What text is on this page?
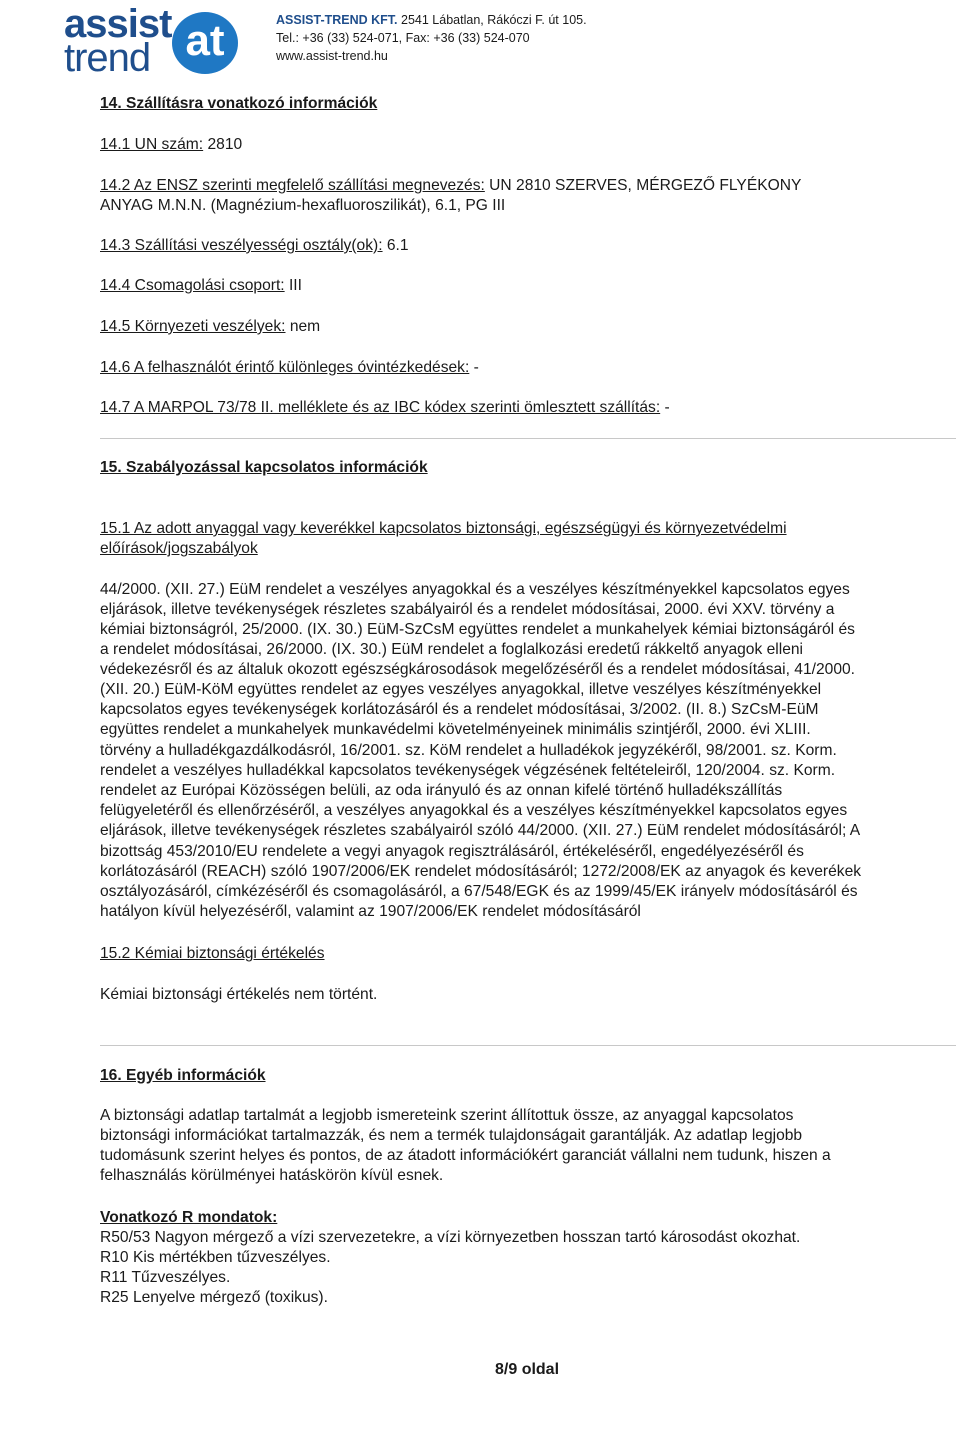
assist
trend at	ASSIST-TREND KFT. 2541 Lábatlan, Rákóczi F. út 105.
Tel.: +36 (33) 524-071, Fax: +36 (33) 524-070
www.assist-trend.hu
14. Szállításra vonatkozó információk
14.1 UN szám: 2810
14.2 Az ENSZ szerinti megfelelő szállítási megnevezés: UN 2810 SZERVES, MÉRGEZŐ FLYÉKONY
ANYAG M.N.N. (Magnézium-hexafluoroszilikát), 6.1, PG III
14.3 Szállítási veszélyességi osztály(ok): 6.1
14.4 Csomagolási csoport: III
14.5 Környezeti veszélyek: nem
14.6 A felhasználót érintő különleges óvintézkedések: -
14.7 A MARPOL 73/78 II. melléklete és az IBC kódex szerinti ömlesztett szállítás: -
15. Szabályozással kapcsolatos információk
15.1 Az adott anyaggal vagy keverékkel kapcsolatos biztonsági, egészségügyi és környezetvédelmi
előírások/jogszabályok
44/2000. (XII. 27.) EüM rendelet a veszélyes anyagokkal és a veszélyes készítményekkel kapcsolatos egyes
eljárások, illetve tevékenységek részletes szabályairól és a rendelet módosításai, 2000. évi XXV. törvény a
kémiai biztonságról, 25/2000. (IX. 30.) EüM-SzCsM együttes rendelet a munkahelyek kémiai biztonságáról és
a rendelet módosításai, 26/2000. (IX. 30.) EüM rendelet a foglalkozási eredetű rákkeltő anyagok elleni
védekezésről és az általuk okozott egészségkárosodások megelőzéséről és a rendelet módosításai, 41/2000.
(XII. 20.) EüM-KöM együttes rendelet az egyes veszélyes anyagokkal, illetve veszélyes készítményekkel
kapcsolatos egyes tevékenységek korlátozásáról és a rendelet módosításai, 3/2002. (II. 8.) SzCsM-EüM
együttes rendelet a munkahelyek munkavédelmi követelményeinek minimális szintjéről, 2000. évi XLIII.
törvény a hulladékgazdálkodásról, 16/2001. sz. KöM rendelet a hulladékok jegyzékéről, 98/2001. sz. Korm.
rendelet a veszélyes hulladékkal kapcsolatos tevékenységek végzésének feltételeiről, 120/2004. sz. Korm.
rendelet az Európai Közösségen belüli, az oda irányuló és az onnan kifelé történő hulladékszállítás
felügyeletéről és ellenőrzéséről, a veszélyes anyagokkal és a veszélyes készítményekkel kapcsolatos egyes
eljárások, illetve tevékenységek részletes szabályairól szóló 44/2000. (XII. 27.) EüM rendelet módosításáról; A
bizottság 453/2010/EU rendelete a vegyi anyagok regisztrálásáról, értékeléséről, engedélyezéséről és
korlátozásáról (REACH) szóló 1907/2006/EK rendelet módosításáról; 1272/2008/EK az anyagok és keverékek
osztályozásáról, címkézéséről és csomagolásáról, a 67/548/EGK és az 1999/45/EK irányelv módosításáról és
hatályon kívül helyezéséről, valamint az 1907/2006/EK rendelet módosításáról
15.2 Kémiai biztonsági értékelés
Kémiai biztonsági értékelés nem történt.
16. Egyéb információk
A biztonsági adatlap tartalmát a legjobb ismereteink szerint állítottuk össze, az anyaggal kapcsolatos
biztonsági információkat tartalmazzák, és nem a termék tulajdonságait garantálják. Az adatlap legjobb
tudomásunk szerint helyes és pontos, de az átadott információkért garanciát vállalni nem tudunk, hiszen a
felhasználás körülményei hatáskörön kívül esnek.
Vonatkozó R mondatok:
R50/53 Nagyon mérgező a vízi szervezetekre, a vízi környezetben hosszan tartó károsodást okozhat.
R10 Kis mértékben tűzveszélyes.
R11 Tűzveszélyes.
R25 Lenyelve mérgező (toxikus).
8/9 oldal
